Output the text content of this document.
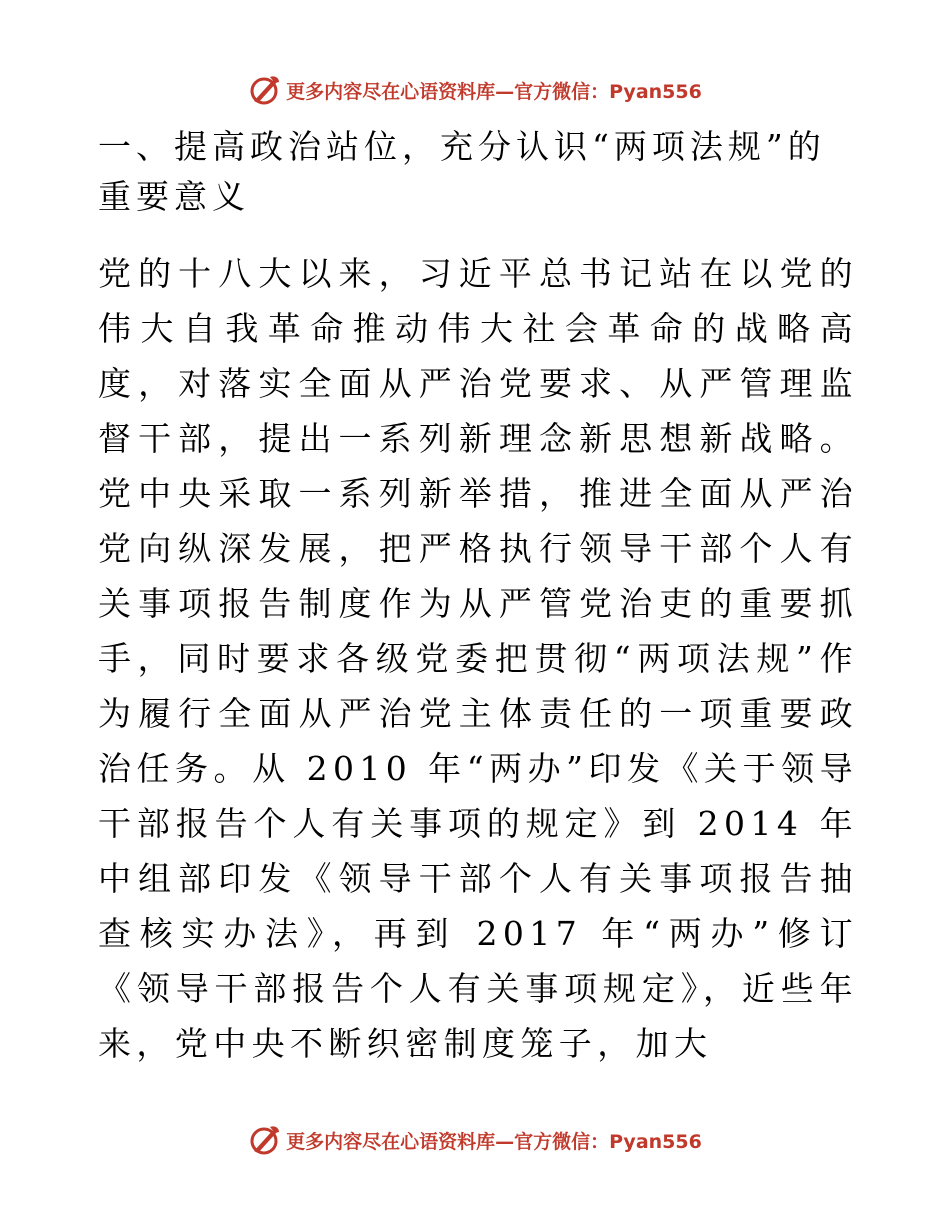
更多内容尽在心语资料库—官方微信：Pyan556
一、提高政治站位，充分认识“两项法规”的重要意义

党的十八大以来，习近平总书记站在以党的伟大自我革命推动伟大社会革命的战略高度，对落实全面从严治党要求、从严管理监督干部，提出一系列新理念新思想新战略。党中央采取一系列新举措，推进全面从严治党向纵深发展，把严格执行领导干部个人有关事项报告制度作为从严管党治吏的重要抓手，同时要求各级党委把贯彻“两项法规”作为履行全面从严治党主体责任的一项重要政治任务。从 2010 年“两办”印发《关于领导干部报告个人有关事项的规定》到 2014 年中组部印发《领导干部个人有关事项报告抽查核实办法》，再到 2017 年“两办”修订《领导干部报告个人有关事项规定》，近些年来，党中央不断织密制度笼子，加大

更多内容尽在心语资料库—官方微信：Pyan556
